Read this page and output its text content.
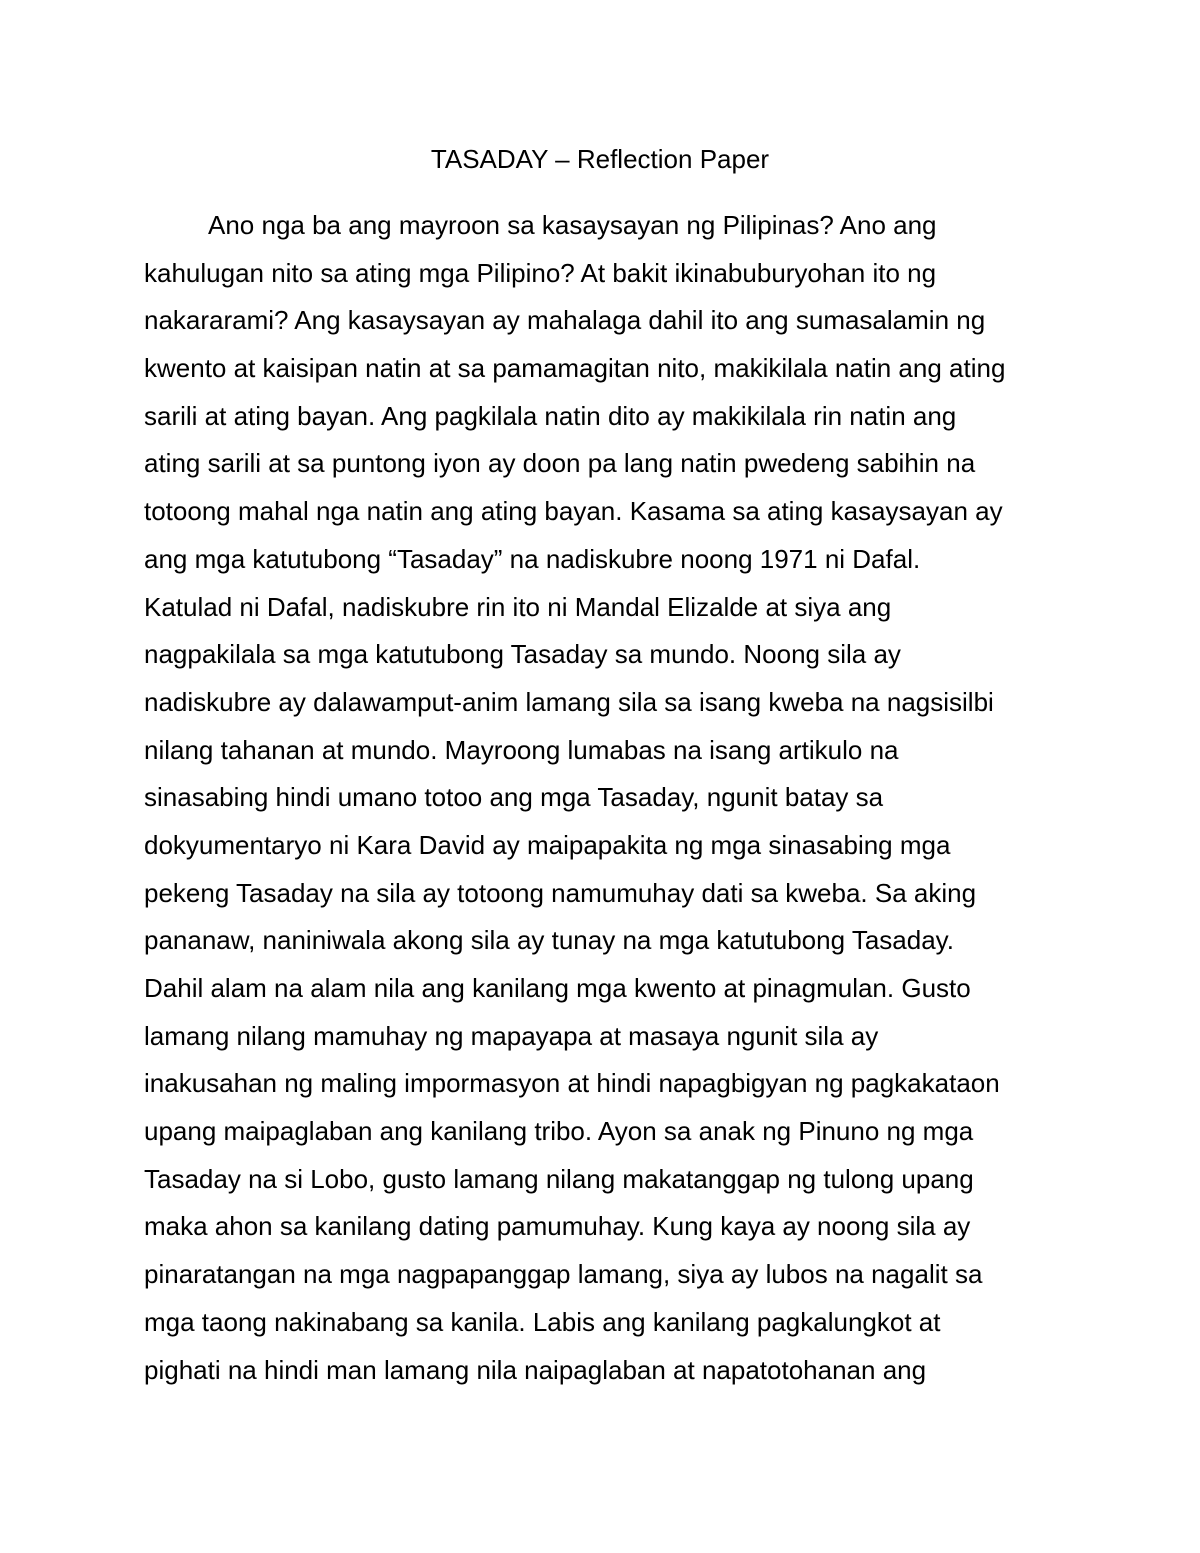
TASADAY – Reflection Paper
Ano nga ba ang mayroon sa kasaysayan ng Pilipinas? Ano ang
kahulugan nito sa ating mga Pilipino? At bakit ikinabuburyohan ito ng
nakararami? Ang kasaysayan ay mahalaga dahil ito ang sumasalamin ng
kwento at kaisipan natin at sa pamamagitan nito, makikilala natin ang ating
sarili at ating bayan. Ang pagkilala natin dito ay makikilala rin natin ang
ating sarili at sa puntong iyon ay doon pa lang natin pwedeng sabihin na
totoong mahal nga natin ang ating bayan. Kasama sa ating kasaysayan ay
ang mga katutubong “Tasaday” na nadiskubre noong 1971 ni Dafal.
Katulad ni Dafal, nadiskubre rin ito ni Mandal Elizalde at siya ang
nagpakilala sa mga katutubong Tasaday sa mundo. Noong sila ay
nadiskubre ay dalawamput-anim lamang sila sa isang kweba na nagsisilbi
nilang tahanan at mundo. Mayroong lumabas na isang artikulo na
sinasabing hindi umano totoo ang mga Tasaday, ngunit batay sa
dokyumentaryo ni Kara David ay maipapakita ng mga sinasabing mga
pekeng Tasaday na sila ay totoong namumuhay dati sa kweba. Sa aking
pananaw, naniniwala akong sila ay tunay na mga katutubong Tasaday.
Dahil alam na alam nila ang kanilang mga kwento at pinagmulan. Gusto
lamang nilang mamuhay ng mapayapa at masaya ngunit sila ay
inakusahan ng maling impormasyon at hindi napagbigyan ng pagkakataon
upang maipaglaban ang kanilang tribo. Ayon sa anak ng Pinuno ng mga
Tasaday na si Lobo, gusto lamang nilang makatanggap ng tulong upang
maka ahon sa kanilang dating pamumuhay. Kung kaya ay noong sila ay
pinaratangan na mga nagpapanggap lamang, siya ay lubos na nagalit sa
mga taong nakinabang sa kanila. Labis ang kanilang pagkalungkot at
pighati na hindi man lamang nila naipaglaban at napatotohanan ang
